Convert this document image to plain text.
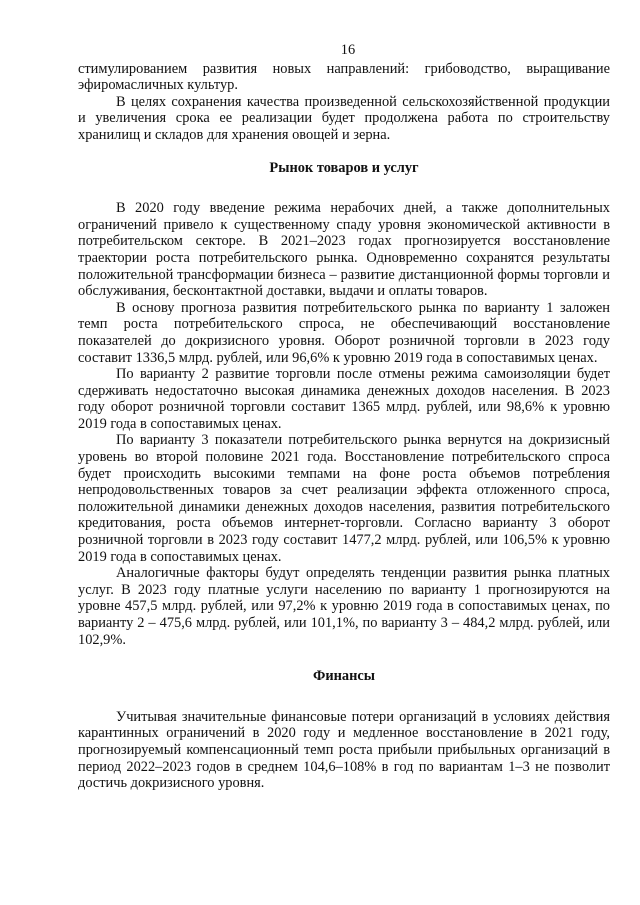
16

стимулированием развития новых направлений: грибоводство, выращивание эфиромасличных культур.

В целях сохранения качества произведенной сельскохозяйственной продукции и увеличения срока ее реализации будет продолжена работа по строительству хранилищ и складов для хранения овощей и зерна.

Рынок товаров и услуг

В 2020 году введение режима нерабочих дней, а также дополнительных ограничений привело к существенному спаду уровня экономической активности в потребительском секторе. В 2021–2023 годах прогнозируется восстановление траектории роста потребительского рынка. Одновременно сохранятся результаты положительной трансформации бизнеса – развитие дистанционной формы торговли и обслуживания, бесконтактной доставки, выдачи и оплаты товаров.

В основу прогноза развития потребительского рынка по варианту 1 заложен темп роста потребительского спроса, не обеспечивающий восстановление показателей до докризисного уровня. Оборот розничной торговли в 2023 году составит 1336,5 млрд. рублей, или 96,6% к уровню 2019 года в сопоставимых ценах.

По варианту 2 развитие торговли после отмены режима самоизоляции будет сдерживать недостаточно высокая динамика денежных доходов населения. В 2023 году оборот розничной торговли составит 1365 млрд. рублей, или 98,6% к уровню 2019 года в сопоставимых ценах.

По варианту 3 показатели потребительского рынка вернутся на докризисный уровень во второй половине 2021 года. Восстановление потребительского спроса будет происходить высокими темпами на фоне роста объемов потребления непродовольственных товаров за счет реализации эффекта отложенного спроса, положительной динамики денежных доходов населения, развития потребительского кредитования, роста объемов интернет-торговли. Согласно варианту 3 оборот розничной торговли в 2023 году составит 1477,2 млрд. рублей, или 106,5% к уровню 2019 года в сопоставимых ценах.

Аналогичные факторы будут определять тенденции развития рынка платных услуг. В 2023 году платные услуги населению по варианту 1 прогнозируются на уровне 457,5 млрд. рублей, или 97,2% к уровню 2019 года в сопоставимых ценах, по варианту 2 – 475,6 млрд. рублей, или 101,1%, по варианту 3 – 484,2 млрд. рублей, или 102,9%.

Финансы

Учитывая значительные финансовые потери организаций в условиях действия карантинных ограничений в 2020 году и медленное восстановление в 2021 году, прогнозируемый компенсационный темп роста прибыли прибыльных организаций в период 2022–2023 годов в среднем 104,6–108% в год по вариантам 1–3 не позволит достичь докризисного уровня.
